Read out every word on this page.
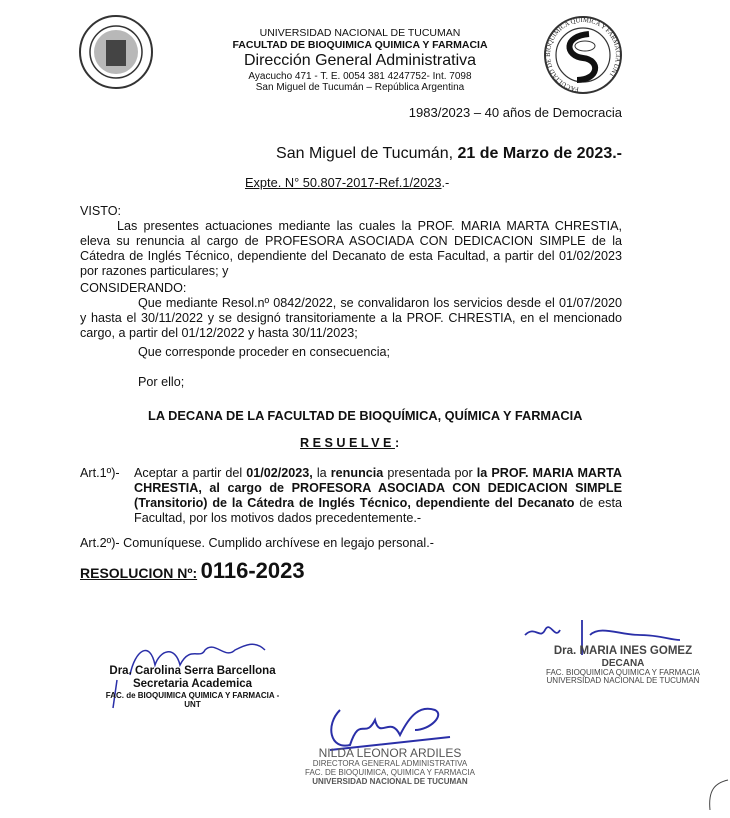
FACULTAD DE BIOQUIMICA QUIMICA Y FARMACIA UNT
UNIVERSIDAD NACIONAL DE TUCUMAN
FACULTAD DE BIOQUIMICA QUIMICA Y FARMACIA
Dirección General Administrativa
Ayacucho 471 - T. E. 0054 381 4247752- Int. 7098
San Miguel de Tucumán – República Argentina
1983/2023 – 40 años de Democracia
San Miguel de Tucumán, 21 de Marzo de 2023.-
Expte. N° 50.807-2017-Ref.1/2023.-
VISTO:
Las presentes actuaciones mediante las cuales la PROF. MARIA MARTA CHRESTIA, eleva su renuncia al cargo de PROFESORA ASOCIADA CON DEDICACION SIMPLE de la Cátedra de Inglés Técnico, dependiente del Decanato de esta Facultad, a partir del 01/02/2023 por razones particulares; y
CONSIDERANDO:
Que mediante Resol.nº 0842/2022, se convalidaron los servicios desde el 01/07/2020 y hasta el 30/11/2022 y se designó transitoriamente a la PROF. CHRESTIA, en el mencionado cargo, a partir del 01/12/2022 y hasta 30/11/2023;
Que corresponde proceder en consecuencia;
Por ello;
LA DECANA DE LA FACULTAD DE BIOQUÍMICA, QUÍMICA Y FARMACIA
RESUELVE:
Art.1º)- Aceptar a partir del 01/02/2023, la renuncia presentada por la PROF. MARIA MARTA CHRESTIA, al cargo de PROFESORA ASOCIADA CON DEDICACION SIMPLE (Transitorio) de la Cátedra de Inglés Técnico, dependiente del Decanato de esta Facultad, por los motivos dados precedentemente.-
Art.2º)- Comuníquese. Cumplido archívese en legajo personal.-
RESOLUCION Nº: 0116-2023
Dra. Carolina Serra Barcellona
Secretaria Academica
FAC. de BIOQUIMICA QUIMICA Y FARMACIA - UNT
NILDA LEONOR ARDILES
DIRECTORA GENERAL ADMINISTRATIVA
FAC. DE BIOQUIMICA, QUIMICA Y FARMACIA
UNIVERSIDAD NACIONAL DE TUCUMAN
Dra. MARIA INES GOMEZ
DECANA
FAC. BIOQUIMICA QUIMICA Y FARMACIA
UNIVERSIDAD NACIONAL DE TUCUMAN
